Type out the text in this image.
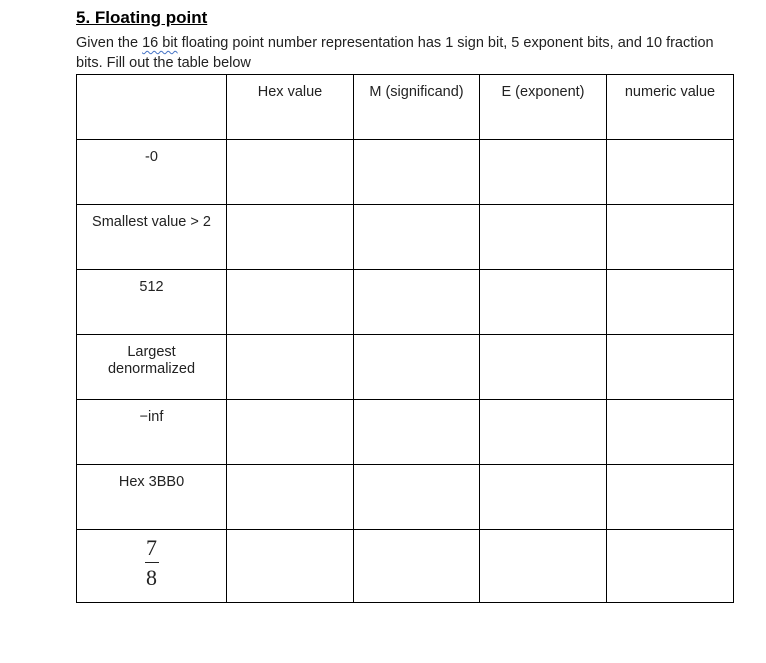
5. Floating point
Given the 16 bit floating point number representation has 1 sign bit, 5 exponent bits, and 10 fraction bits. Fill out the table below

	Hex value	M (significand)	E (exponent)	numeric value

-0				

Smallest value > 2				

512				

Largest denormalized				

−inf				

Hex 3BB0				

$\frac{7}{8}$
